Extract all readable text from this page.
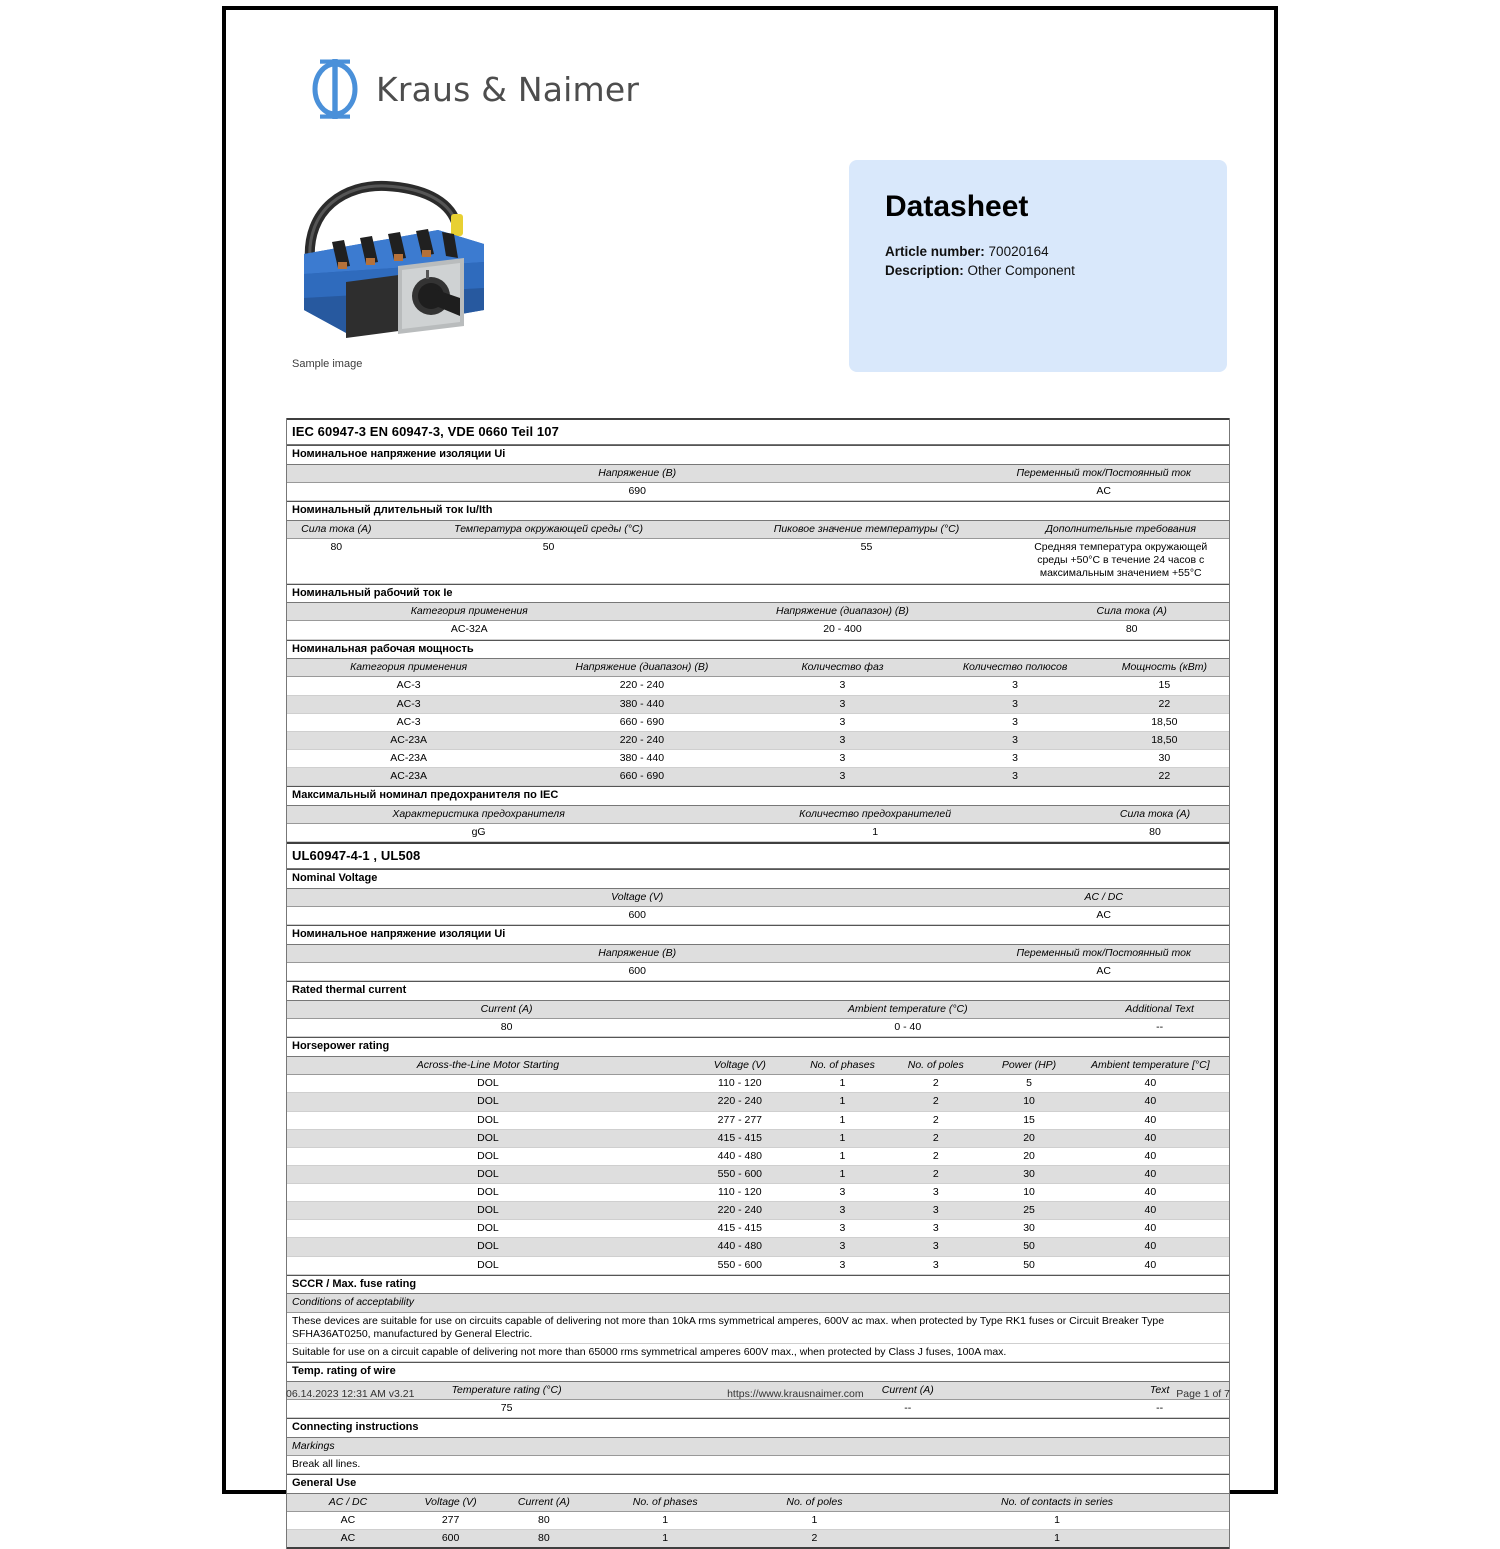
Kraus & Naimer
Sample image
Datasheet
Article number: 70020164
Description: Other Component
IEC 60947-3 EN 60947-3, VDE 0660 Teil 107
Номинальное напряжение изоляции Ui
Напряжение (B)	Переменный ток/Постоянный ток
690	AC
Номинальный длительный ток Iu/Ith
Сила тока (A)	Температура окружающей среды (°C)	Пиковое значение температуры (°C)	Дополнительные требования
80	50	55	Средняя температура окружающей среды +50°C в течение 24 часов с максимальным значением +55°C
Номинальный рабочий ток Ie
Категория применения	Напряжение (диапазон) (B)	Сила тока (A)
AC-32A	20 - 400	80
Номинальная рабочая мощность
Категория применения	Напряжение (диапазон) (B)	Количество фаз	Количество полюсов	Мощность (кВт)
AC-3	220 - 240	3	3	15
AC-3	380 - 440	3	3	22
AC-3	660 - 690	3	3	18,50
AC-23A	220 - 240	3	3	18,50
AC-23A	380 - 440	3	3	30
AC-23A	660 - 690	3	3	22
Максимальный номинал предохранителя по IEC
Характеристика предохранителя	Количество предохранителей	Сила тока (A)
gG	1	80
UL60947-4-1 , UL508
Nominal Voltage
Voltage (V)	AC / DC
600	AC
Номинальное напряжение изоляции Ui
Напряжение (B)	Переменный ток/Постоянный ток
600	AC
Rated thermal current
Current (A)	Ambient temperature (°C)	Additional Text
80	0 - 40	--
Horsepower rating
Across-the-Line Motor Starting	Voltage (V)	No. of phases	No. of poles	Power (HP)	Ambient temperature [°C]
DOL	110 - 120	1	2	5	40
DOL	220 - 240	1	2	10	40
DOL	277 - 277	1	2	15	40
DOL	415 - 415	1	2	20	40
DOL	440 - 480	1	2	20	40
DOL	550 - 600	1	2	30	40
DOL	110 - 120	3	3	10	40
DOL	220 - 240	3	3	25	40
DOL	415 - 415	3	3	30	40
DOL	440 - 480	3	3	50	40
DOL	550 - 600	3	3	50	40
SCCR / Max. fuse rating
Conditions of acceptability
These devices are suitable for use on circuits capable of delivering not more than 10kA rms symmetrical amperes, 600V ac max. when protected by Type RK1 fuses or Circuit Breaker Type SFHA36AT0250, manufactured by General Electric.
Suitable for use on a circuit capable of delivering not more than 65000 rms symmetrical amperes 600V max., when protected by Class J fuses, 100A max.
Temp. rating of wire
Temperature rating (°C)	Current (A)	Text
75	--	--
Connecting instructions
Markings
Break all lines.
General Use
AC / DC	Voltage (V)	Current (A)	No. of phases	No. of poles	No. of contacts in series
AC	277	80	1	1	1
AC	600	80	1	2	1
06.14.2023 12:31 AM v3.21	https://www.krausnaimer.com	Page 1 of 7
